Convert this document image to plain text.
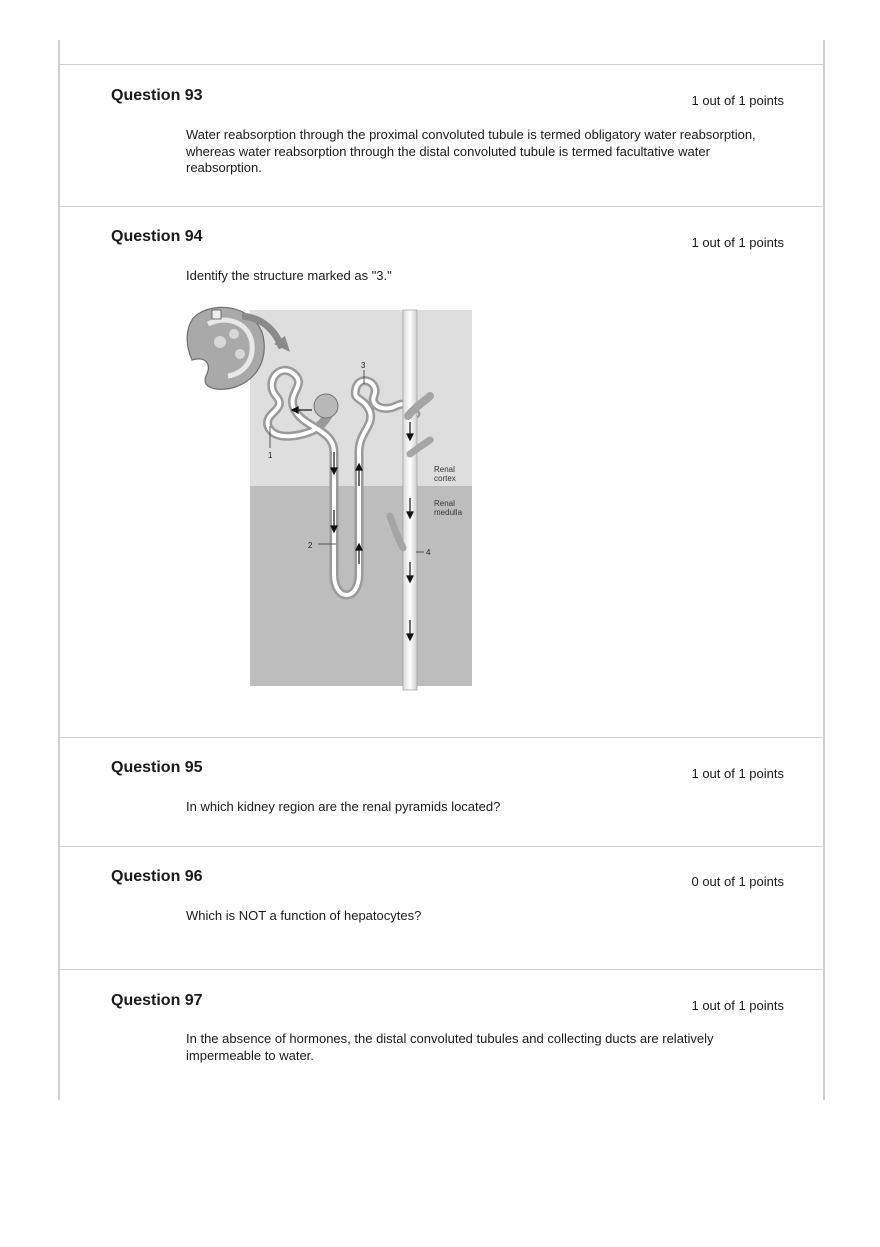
Question 93	1 out of 1 points
Water reabsorption through the proximal convoluted tubule is termed obligatory water reabsorption, whereas water reabsorption through the distal convoluted tubule is termed facultative water reabsorption.
Question 94	1 out of 1 points
Identify the structure marked as "3."
1
2
3
4
Renal
cortex
Renal
medulla
Question 95	1 out of 1 points
In which kidney region are the renal pyramids located?
Question 96	0 out of 1 points
Which is NOT a function of hepatocytes?
Question 97	1 out of 1 points
In the absence of hormones, the distal convoluted tubules and collecting ducts are relatively impermeable to water.
